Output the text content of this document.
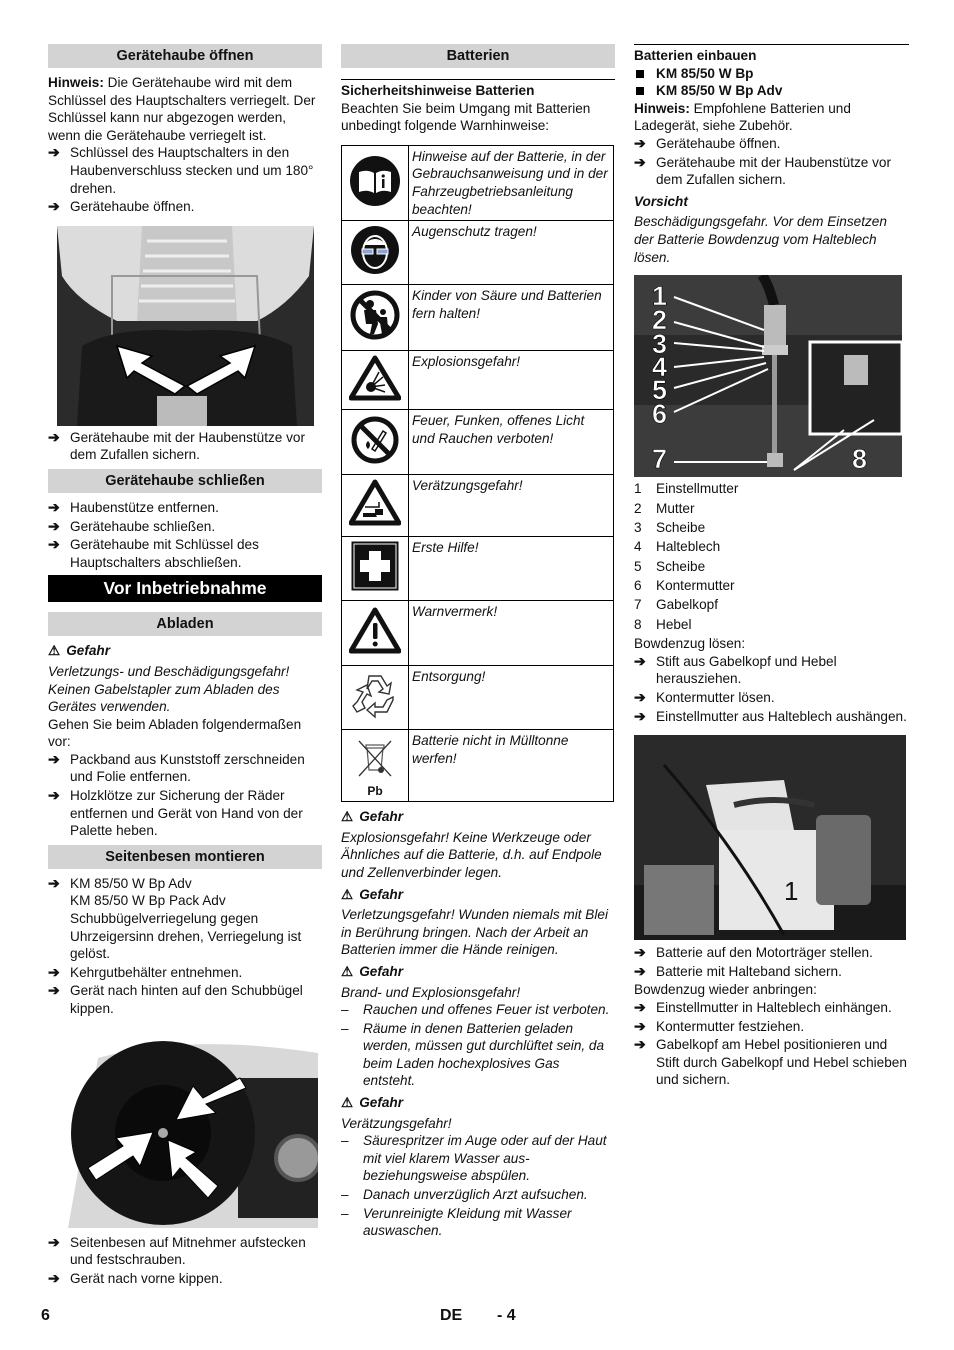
Gerätehaube öffnen

Hinweis: Die Gerätehaube wird mit dem Schlüssel des Hauptschalters verriegelt. Der Schlüssel kann nur abgezogen werden, wenn die Gerätehaube verriegelt ist.

➔ Schlüssel des Hauptschalters in den Haubenverschluss stecken und um 180° drehen.
➔ Gerätehaube öffnen.
➔ Gerätehaube mit der Haubenstütze vor dem Zufallen sichern.
Gerätehaube schließen
➔ Haubenstütze entfernen.
➔ Gerätehaube schließen.
➔ Gerätehaube mit Schlüssel des Hauptschalters abschließen.
Vor Inbetriebnahme
Abladen
⚠ Gefahr

Verletzungs- und Beschädigungsgefahr! Keinen Gabelstapler zum Abladen des Gerätes verwenden.

Gehen Sie beim Abladen folgendermaßen vor:

➔ Packband aus Kunststoff zerschneiden und Folie entfernen.
➔ Holzklötze zur Sicherung der Räder entfernen und Gerät von Hand von der Palette heben.
Seitenbesen montieren
➔ KM 85/50 W Bp Adv
KM 85/50 W Bp Pack Adv
Schubbügelverriegelung gegen Uhrzeigersinn drehen, Verriegelung ist gelöst.
➔ Kehrgutbehälter entnehmen.
➔ Gerät nach hinten auf den Schubbügel kippen.
➔ Seitenbesen auf Mitnehmer aufstecken und festschrauben.
➔ Gerät nach vorne kippen.
Batterien
Sicherheitshinweise Batterien

Beachten Sie beim Umgang mit Batterien unbedingt folgende Warnhinweise:

	Hinweise auf der Batterie, in der Gebrauchsanweisung und in der Fahrzeugbetriebsanleitung beachten!
	Augenschutz tragen!
	Kinder von Säure und Batterien fern halten!
	Explosionsgefahr!
	Feuer, Funken, offenes Licht und Rauchen verboten!
	Verätzungsgefahr!
	Erste Hilfe!
	Warnvermerk!
	Entsorgung!

Pb	Batterie nicht in Mülltonne werfen!
⚠ Gefahr

Explosionsgefahr! Keine Werkzeuge oder Ähnliches auf die Batterie, d.h. auf Endpole und Zellenverbinder legen.

⚠ Gefahr

Verletzungsgefahr! Wunden niemals mit Blei in Berührung bringen. Nach der Arbeit an Batterien immer die Hände reinigen.

⚠ Gefahr

Brand- und Explosionsgefahr!

– Rauchen und offenes Feuer ist verboten.
– Räume in denen Batterien geladen werden, müssen gut durchlüftet sein, da beim Laden hochexplosives Gas entsteht.
⚠ Gefahr

Verätzungsgefahr!

– Säurespritzer im Auge oder auf der Haut mit viel klarem Wasser aus- beziehungsweise abspülen.
– Danach unverzüglich Arzt aufsuchen.
– Verunreinigte Kleidung mit Wasser auswaschen.
Batterien einbauen
KM 85/50 W Bp
KM 85/50 W Bp Adv

Hinweis: Empfohlene Batterien und Ladegerät, siehe Zubehör.

➔ Gerätehaube öffnen.
➔ Gerätehaube mit der Haubenstütze vor dem Zufallen sichern.
Vorsicht

Beschädigungsgefahr. Vor dem Einsetzen der Batterie Bowdenzug vom Halteblech lösen.

1
2
3
4
5
6
7	8
1	Einstellmutter
2	Mutter
3	Scheibe
4	Halteblech
5	Scheibe
6	Kontermutter
7	Gabelkopf
8	Hebel

Bowdenzug lösen:

➔ Stift aus Gabelkopf und Hebel herausziehen.
➔ Kontermutter lösen.
➔ Einstellmutter aus Halteblech aushängen.
1
➔ Batterie auf den Motorträger stellen.
➔ Batterie mit Halteband sichern.

Bowdenzug wieder anbringen:

➔ Einstellmutter in Halteblech einhängen.
➔ Kontermutter festziehen.
➔ Gabelkopf am Hebel positionieren und Stift durch Gabelkopf und Hebel schieben und sichern.
6	DE - 4
